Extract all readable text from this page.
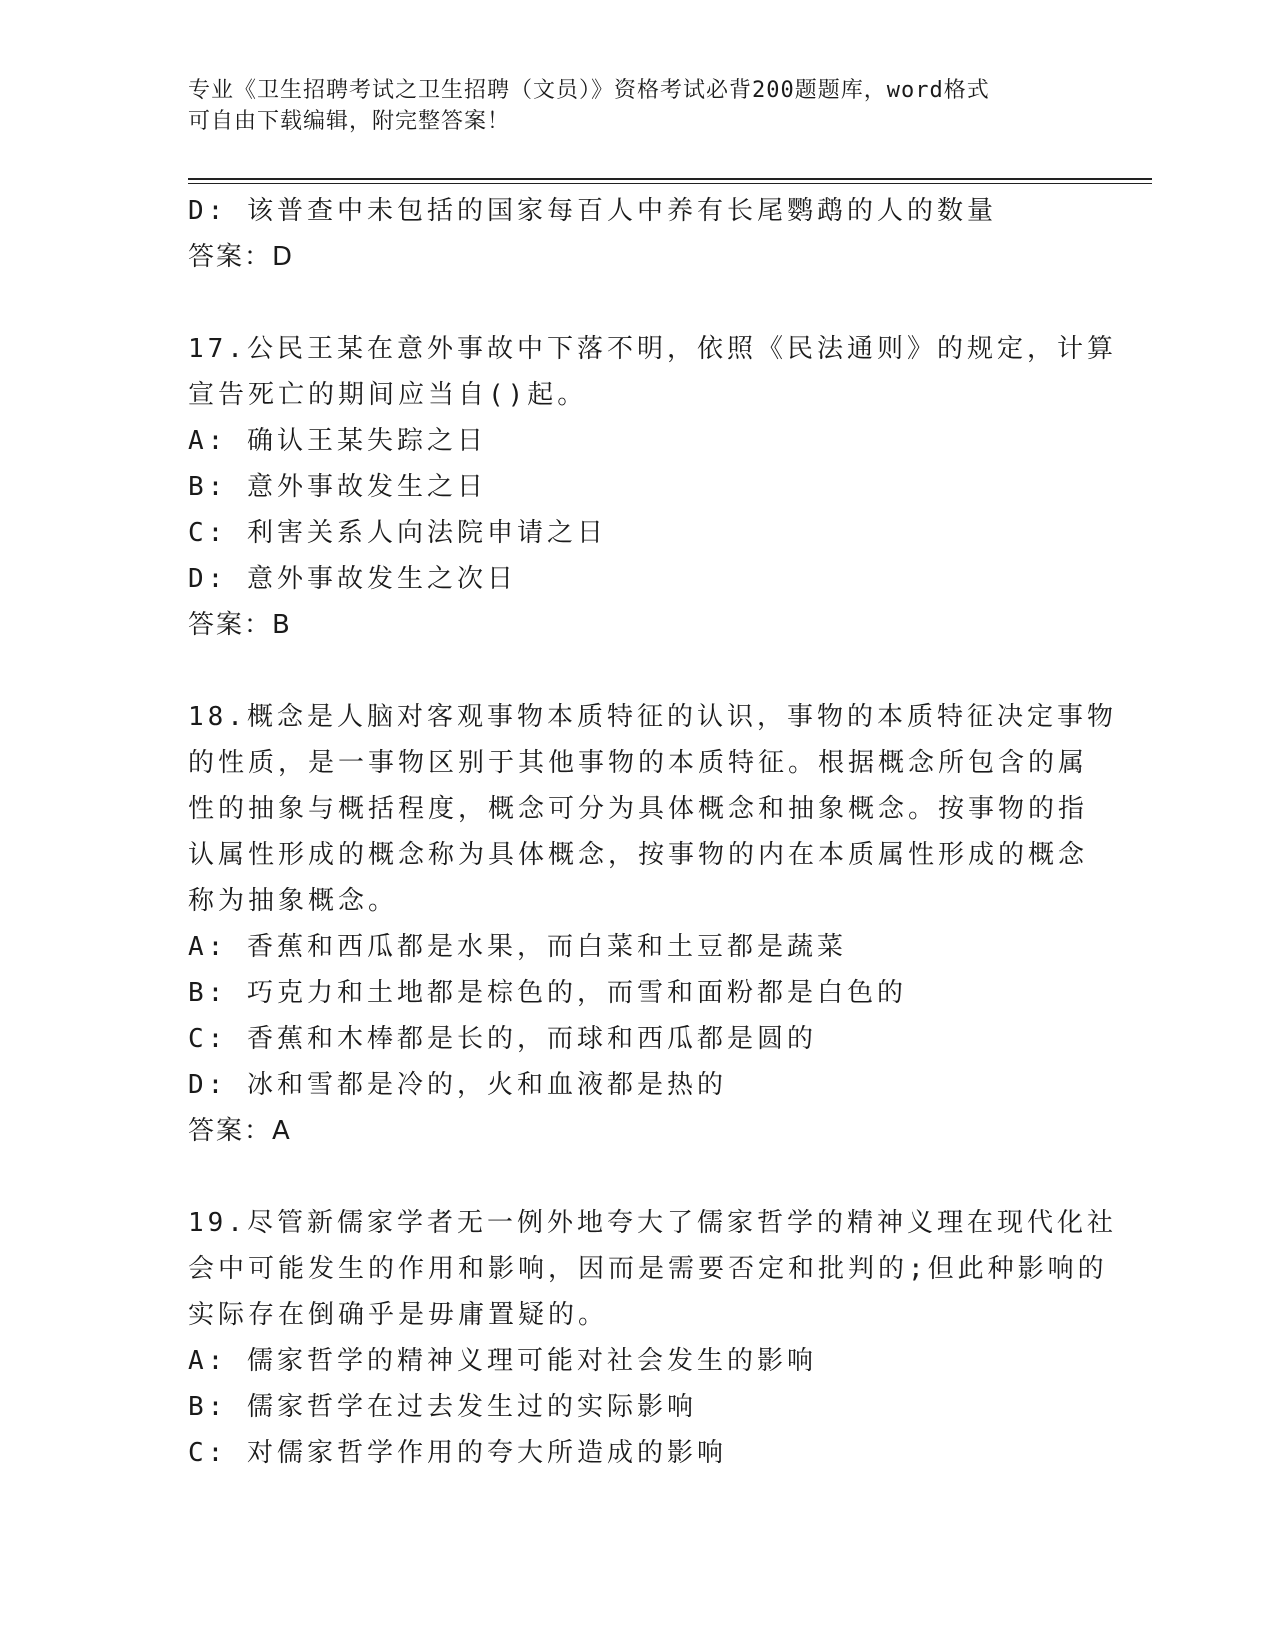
专业《卫生招聘考试之卫生招聘（文员）》资格考试必背200题题库，word格式
可自由下载编辑，附完整答案！
D: 该普查中未包括的国家每百人中养有长尾鹦鹉的人的数量
答案：D
17.公民王某在意外事故中下落不明，依照《民法通则》的规定，计算
宣告死亡的期间应当自()起。
A: 确认王某失踪之日
B: 意外事故发生之日
C: 利害关系人向法院申请之日
D: 意外事故发生之次日
答案：B
18.概念是人脑对客观事物本质特征的认识，事物的本质特征决定事物
的性质，是一事物区别于其他事物的本质特征。根据概念所包含的属
性的抽象与概括程度，概念可分为具体概念和抽象概念。按事物的指
认属性形成的概念称为具体概念，按事物的内在本质属性形成的概念
称为抽象概念。
A: 香蕉和西瓜都是水果，而白菜和土豆都是蔬菜
B: 巧克力和土地都是棕色的，而雪和面粉都是白色的
C: 香蕉和木棒都是长的，而球和西瓜都是圆的
D: 冰和雪都是冷的，火和血液都是热的
答案：A
19.尽管新儒家学者无一例外地夸大了儒家哲学的精神义理在现代化社
会中可能发生的作用和影响，因而是需要否定和批判的;但此种影响的
实际存在倒确乎是毋庸置疑的。
A: 儒家哲学的精神义理可能对社会发生的影响
B: 儒家哲学在过去发生过的实际影响
C: 对儒家哲学作用的夸大所造成的影响
